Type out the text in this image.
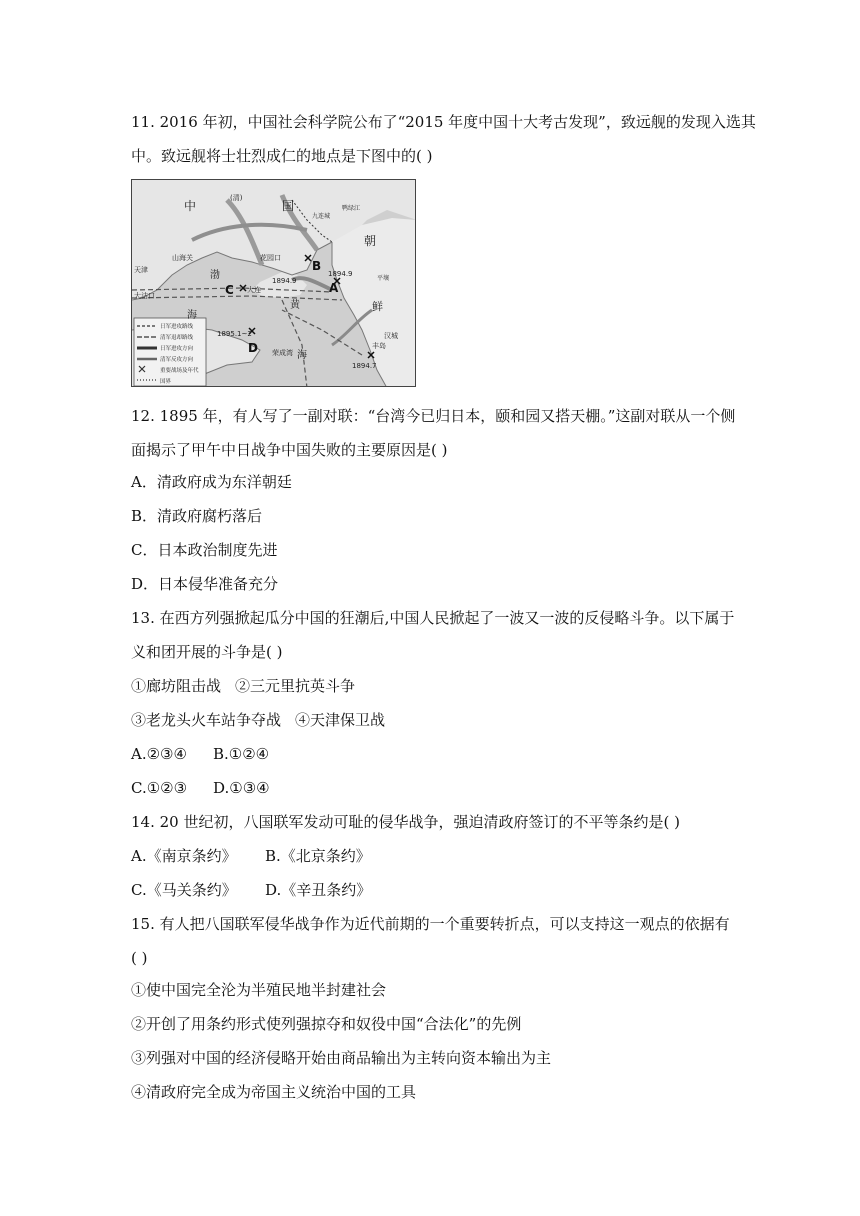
11. 2016 年初，中国社会科学院公布了“2015 年度中国十大考古发现”，致远舰的发现入选其
中。致远舰将士壮烈成仁的地点是下图中的( )
日军进攻路线
清军退却路线
日军进攻方向
清军反攻方向
重要战场及年代
国界
中	国
(清)
朝
鲜
黄
海
渤
海
天津
大沽口
山海关	花园口
大连
汉城
荣成湾
九连城
鸭绿江
平壤
1894.9
1894.9
1895.1~2
1894.7
丰岛
A
B
C
D
12. 1895 年，有人写了一副对联：“台湾今已归日本，颐和园又搭天棚。”这副对联从一个侧
面揭示了甲午中日战争中国失败的主要原因是( )
A．清政府成为东洋朝廷
B．清政府腐朽落后
C．日本政治制度先进
D．日本侵华准备充分
13. 在西方列强掀起瓜分中国的狂潮后,中国人民掀起了一波又一波的反侵略斗争。以下属于
义和团开展的斗争是( )
①廊坊阻击战 ②三元里抗英斗争
③老龙头火车站争夺战 ④天津保卫战
A.②③④ B.①②④
C.①②③ D.①③④
14. 20 世纪初，八国联军发动可耻的侵华战争，强迫清政府签订的不平等条约是( )
A.《南京条约》 B.《北京条约》
C.《马关条约》 D.《辛丑条约》
15. 有人把八国联军侵华战争作为近代前期的一个重要转折点，可以支持这一观点的依据有
( )
①使中国完全沦为半殖民地半封建社会
②开创了用条约形式使列强掠夺和奴役中国“合法化”的先例
③列强对中国的经济侵略开始由商品输出为主转向资本输出为主
④清政府完全成为帝国主义统治中国的工具
